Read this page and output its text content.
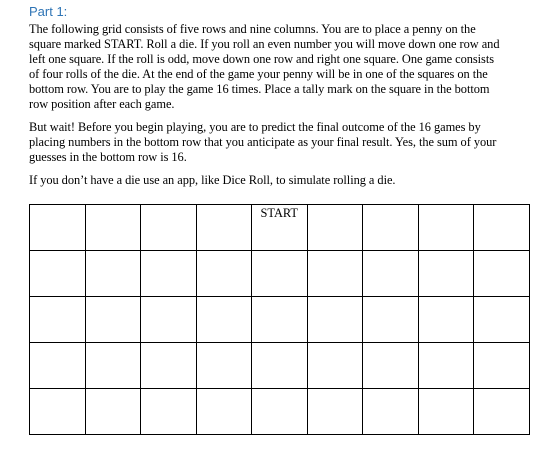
Part 1:

The following grid consists of five rows and nine columns. You are to place a penny on the
square marked START. Roll a die. If you roll an even number you will move down one row and
left one square. If the roll is odd, move down one row and right one square. One game consists
of four rolls of the die. At the end of the game your penny will be in one of the squares on the
bottom row. You are to play the game 16 times. Place a tally mark on the square in the bottom
row position after each game.

But wait! Before you begin playing, you are to predict the final outcome of the 16 games by
placing numbers in the bottom row that you anticipate as your final result. Yes, the sum of your
guesses in the bottom row is 16.

If you don’t have a die use an app, like Dice Roll, to simulate rolling a die.

				START				
